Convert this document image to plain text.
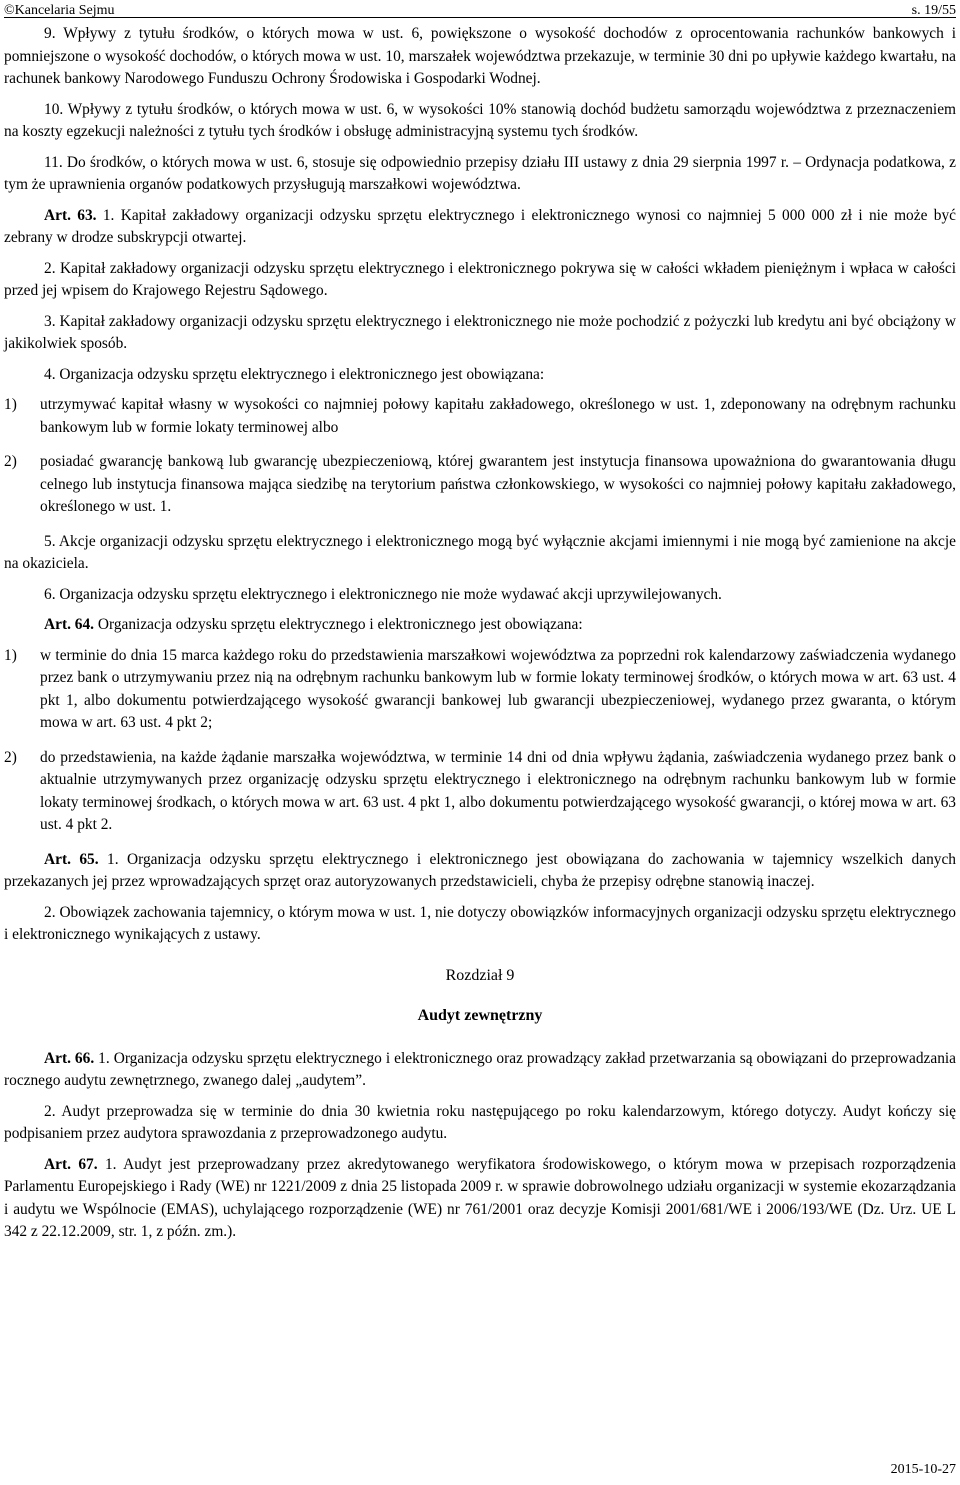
©Kancelaria Sejmu	s. 19/55

9. Wpływy z tytułu środków, o których mowa w ust. 6, powiększone o wysokość dochodów z oprocentowania rachunków bankowych i pomniejszone o wysokość dochodów, o których mowa w ust. 10, marszałek województwa przekazuje, w terminie 30 dni po upływie każdego kwartału, na rachunek bankowy Narodowego Funduszu Ochrony Środowiska i Gospodarki Wodnej.

10. Wpływy z tytułu środków, o których mowa w ust. 6, w wysokości 10% stanowią dochód budżetu samorządu województwa z przeznaczeniem na koszty egzekucji należności z tytułu tych środków i obsługę administracyjną systemu tych środków.

11. Do środków, o których mowa w ust. 6, stosuje się odpowiednio przepisy działu III ustawy z dnia 29 sierpnia 1997 r. – Ordynacja podatkowa, z tym że uprawnienia organów podatkowych przysługują marszałkowi województwa.

Art. 63. 1. Kapitał zakładowy organizacji odzysku sprzętu elektrycznego i elektronicznego wynosi co najmniej 5 000 000 zł i nie może być zebrany w drodze subskrypcji otwartej.

2. Kapitał zakładowy organizacji odzysku sprzętu elektrycznego i elektronicznego pokrywa się w całości wkładem pieniężnym i wpłaca w całości przed jej wpisem do Krajowego Rejestru Sądowego.

3. Kapitał zakładowy organizacji odzysku sprzętu elektrycznego i elektronicznego nie może pochodzić z pożyczki lub kredytu ani być obciążony w jakikolwiek sposób.

4. Organizacja odzysku sprzętu elektrycznego i elektronicznego jest obowiązana:

1)	utrzymywać kapitał własny w wysokości co najmniej połowy kapitału zakładowego, określonego w ust. 1, zdeponowany na odrębnym rachunku bankowym lub w formie lokaty terminowej albo
2)	posiadać gwarancję bankową lub gwarancję ubezpieczeniową, której gwarantem jest instytucja finansowa upoważniona do gwarantowania długu celnego lub instytucja finansowa mająca siedzibę na terytorium państwa członkowskiego, w wysokości co najmniej połowy kapitału zakładowego, określonego w ust. 1.

5. Akcje organizacji odzysku sprzętu elektrycznego i elektronicznego mogą być wyłącznie akcjami imiennymi i nie mogą być zamienione na akcje na okaziciela.

6. Organizacja odzysku sprzętu elektrycznego i elektronicznego nie może wydawać akcji uprzywilejowanych.

Art. 64. Organizacja odzysku sprzętu elektrycznego i elektronicznego jest obowiązana:

1)	w terminie do dnia 15 marca każdego roku do przedstawienia marszałkowi województwa za poprzedni rok kalendarzowy zaświadczenia wydanego przez bank o utrzymywaniu przez nią na odrębnym rachunku bankowym lub w formie lokaty terminowej środków, o których mowa w art. 63 ust. 4 pkt 1, albo dokumentu potwierdzającego wysokość gwarancji bankowej lub gwarancji ubezpieczeniowej, wydanego przez gwaranta, o którym mowa w art. 63 ust. 4 pkt 2;
2)	do przedstawienia, na każde żądanie marszałka województwa, w terminie 14 dni od dnia wpływu żądania, zaświadczenia wydanego przez bank o aktualnie utrzymywanych przez organizację odzysku sprzętu elektrycznego i elektronicznego na odrębnym rachunku bankowym lub w formie lokaty terminowej środkach, o których mowa w art. 63 ust. 4 pkt 1, albo dokumentu potwierdzającego wysokość gwarancji, o której mowa w art. 63 ust. 4 pkt 2.

Art. 65. 1. Organizacja odzysku sprzętu elektrycznego i elektronicznego jest obowiązana do zachowania w tajemnicy wszelkich danych przekazanych jej przez wprowadzających sprzęt oraz autoryzowanych przedstawicieli, chyba że przepisy odrębne stanowią inaczej.

2. Obowiązek zachowania tajemnicy, o którym mowa w ust. 1, nie dotyczy obowiązków informacyjnych organizacji odzysku sprzętu elektrycznego i elektronicznego wynikających z ustawy.

Rozdział 9
Audyt zewnętrzny

Art. 66. 1. Organizacja odzysku sprzętu elektrycznego i elektronicznego oraz prowadzący zakład przetwarzania są obowiązani do przeprowadzania rocznego audytu zewnętrznego, zwanego dalej „audytem”.

2. Audyt przeprowadza się w terminie do dnia 30 kwietnia roku następującego po roku kalendarzowym, którego dotyczy. Audyt kończy się podpisaniem przez audytora sprawozdania z przeprowadzonego audytu.

Art. 67. 1. Audyt jest przeprowadzany przez akredytowanego weryfikatora środowiskowego, o którym mowa w przepisach rozporządzenia Parlamentu Europejskiego i Rady (WE) nr 1221/2009 z dnia 25 listopada 2009 r. w sprawie dobrowolnego udziału organizacji w systemie ekozarządzania i audytu we Wspólnocie (EMAS), uchylającego rozporządzenie (WE) nr 761/2001 oraz decyzje Komisji 2001/681/WE i 2006/193/WE (Dz. Urz. UE L 342 z 22.12.2009, str. 1, z późn. zm.).

2015-10-27
